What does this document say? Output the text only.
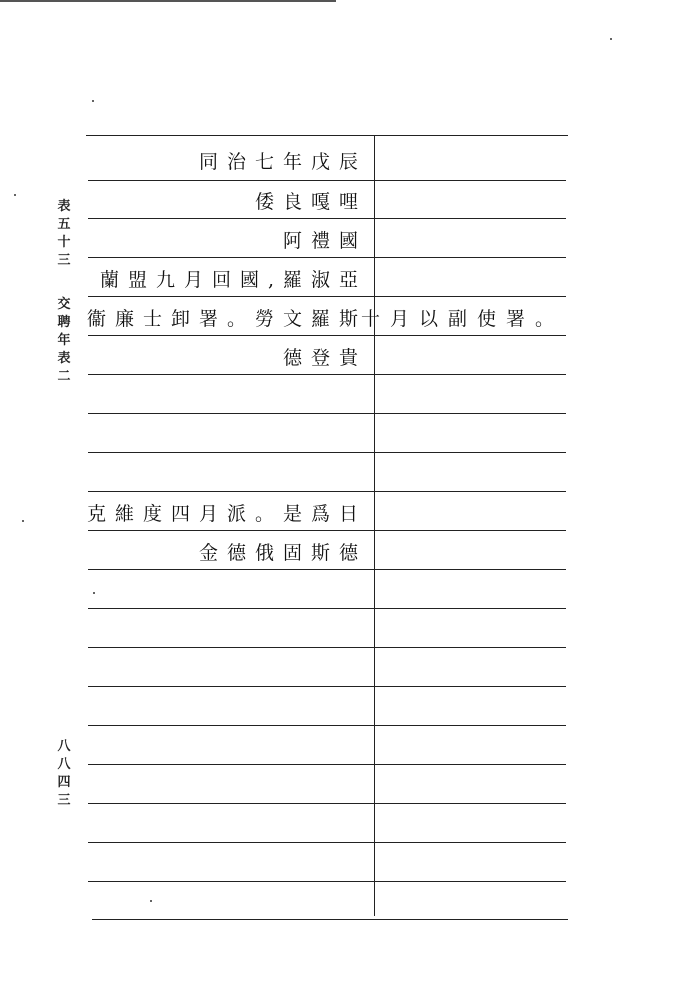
表
五
十
三
交
聘
年
表
二
八
八
四
三
同治七年戊辰
倭良嘎哩
阿禮國
蘭盟九月回國,羅淑亞
衞廉士卸署。勞文羅斯
十月以副使署。
德登貴
克維度四月派。是爲日
金德俄固斯德
